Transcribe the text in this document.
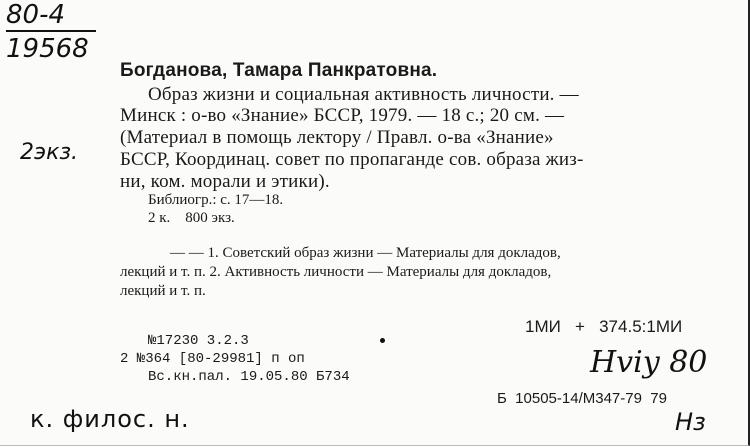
80-4
19568
2экз.
Богданова, Тамара Панкратовна.
Образ жизни и социальная активность личности. —
Минск : о-во «Знание» БССР, 1979. — 18 с.; 20 см. —
(Материал в помощь лектору / Правл. о-ва «Знание»
БССР, Координац. совет по пропаганде сов. образа жиз-
ни, ком. морали и этики).
Библиогр.: с. 17—18.
2 к.    800 экз.
— — 1. Советский образ жизни — Материалы для докладов,
лекций и т. п. 2. Активность личности — Материалы для докладов,
лекций и т. п.
1МИ   +   374.5:1МИ
№17230 3.2.3
2 №364 [80-29981] п оп
Вс.кн.пал. 19.05.80 Б734
Б  10505-14/М347-79  79
Hviy 80
к. филос. н.	Нз
